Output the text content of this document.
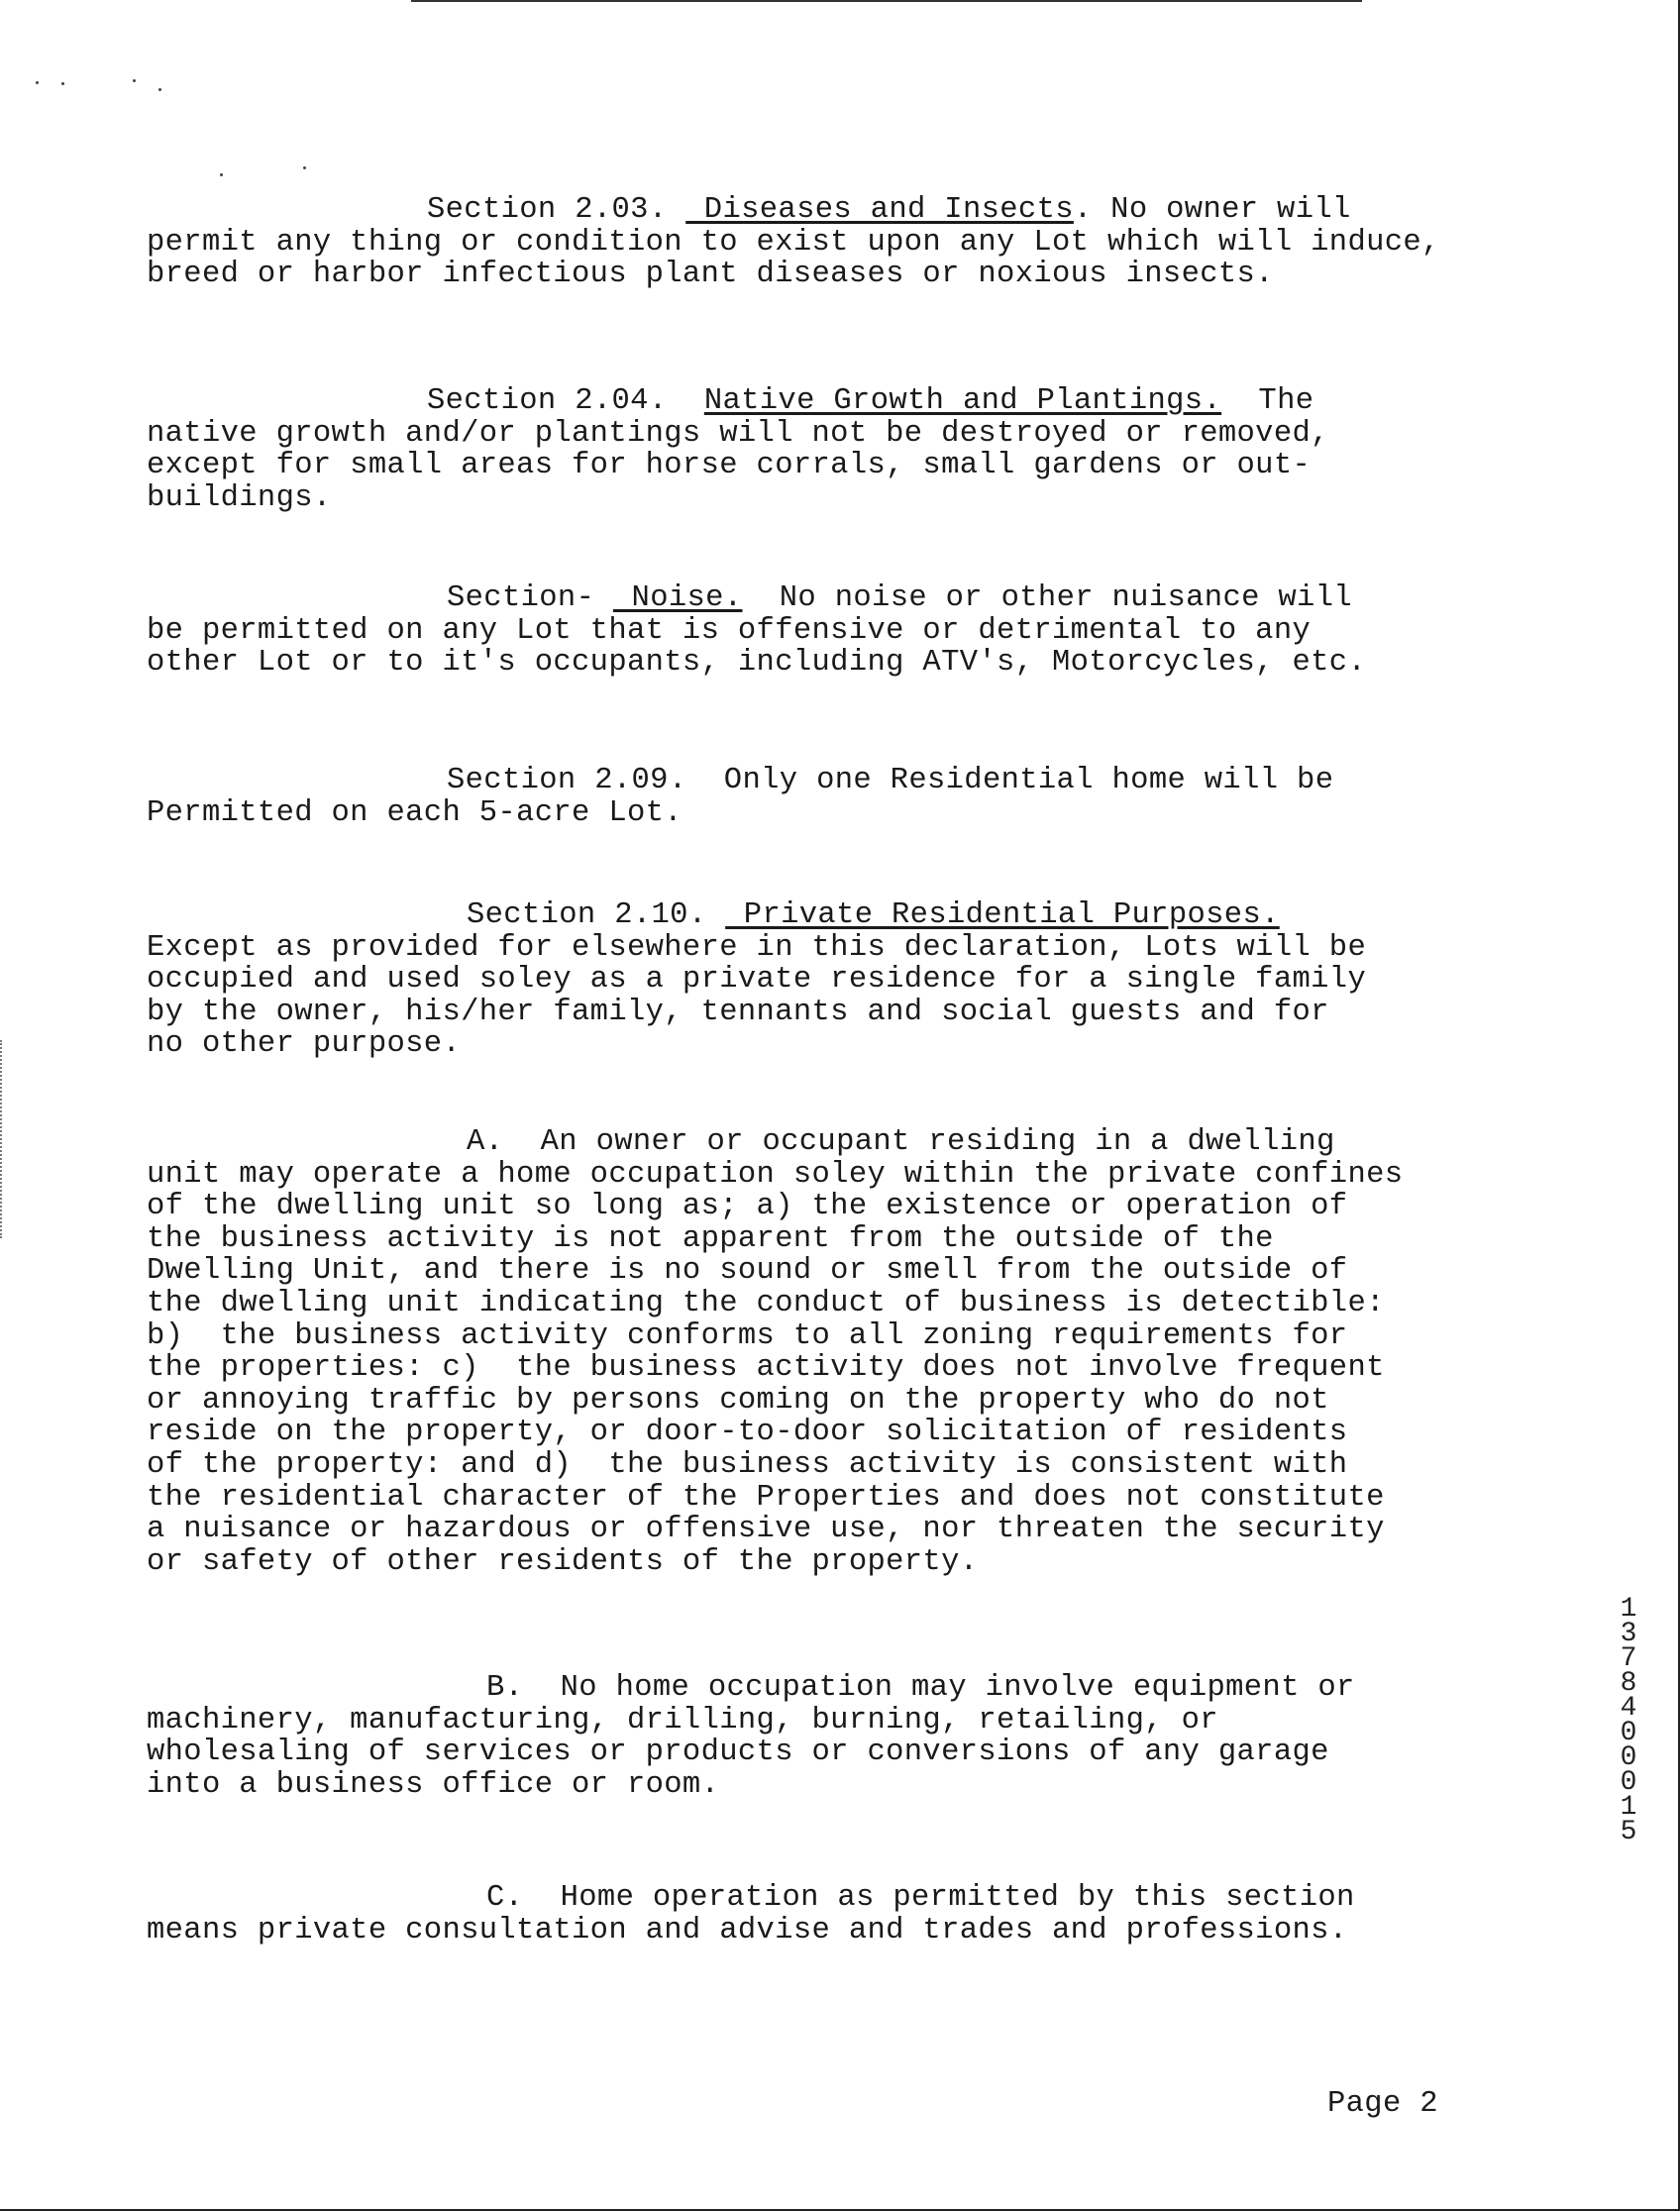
Section 2.03.  Diseases and Insects. No owner will
permit any thing or condition to exist upon any Lot which will induce,
breed or harbor infectious plant diseases or noxious insects.
Section 2.04. Native Growth and Plantings.  The
native growth and/or plantings will not be destroyed or removed,
except for small areas for horse corrals, small gardens or out-
buildings.
Section-  Noise.  No noise or other nuisance will
be permitted on any Lot that is offensive or detrimental to any
other Lot or to it's occupants, including ATV's, Motorcycles, etc.
Section 2.09.  Only one Residential home will be
Permitted on each 5-acre Lot.
Section 2.10.  Private Residential Purposes.
Except as provided for elsewhere in this declaration, Lots will be
occupied and used soley as a private residence for a single family
by the owner, his/her family, tennants and social guests and for
no other purpose.
A.  An owner or occupant residing in a dwelling
unit may operate a home occupation soley within the private confines
of the dwelling unit so long as; a) the existence or operation of
the business activity is not apparent from the outside of the
Dwelling Unit, and there is no sound or smell from the outside of
the dwelling unit indicating the conduct of business is detectible:
b)  the business activity conforms to all zoning requirements for
the properties: c)  the business activity does not involve frequent
or annoying traffic by persons coming on the property who do not
reside on the property, or door-to-door solicitation of residents
of the property: and d)  the business activity is consistent with
the residential character of the Properties and does not constitute
a nuisance or hazardous or offensive use, nor threaten the security
or safety of other residents of the property.
B.  No home occupation may involve equipment or
machinery, manufacturing, drilling, burning, retailing, or
wholesaling of services or products or conversions of any garage
into a business office or room.
C.  Home operation as permitted by this section
means private consultation and advise and trades and professions.
13784 00015
Page 2
